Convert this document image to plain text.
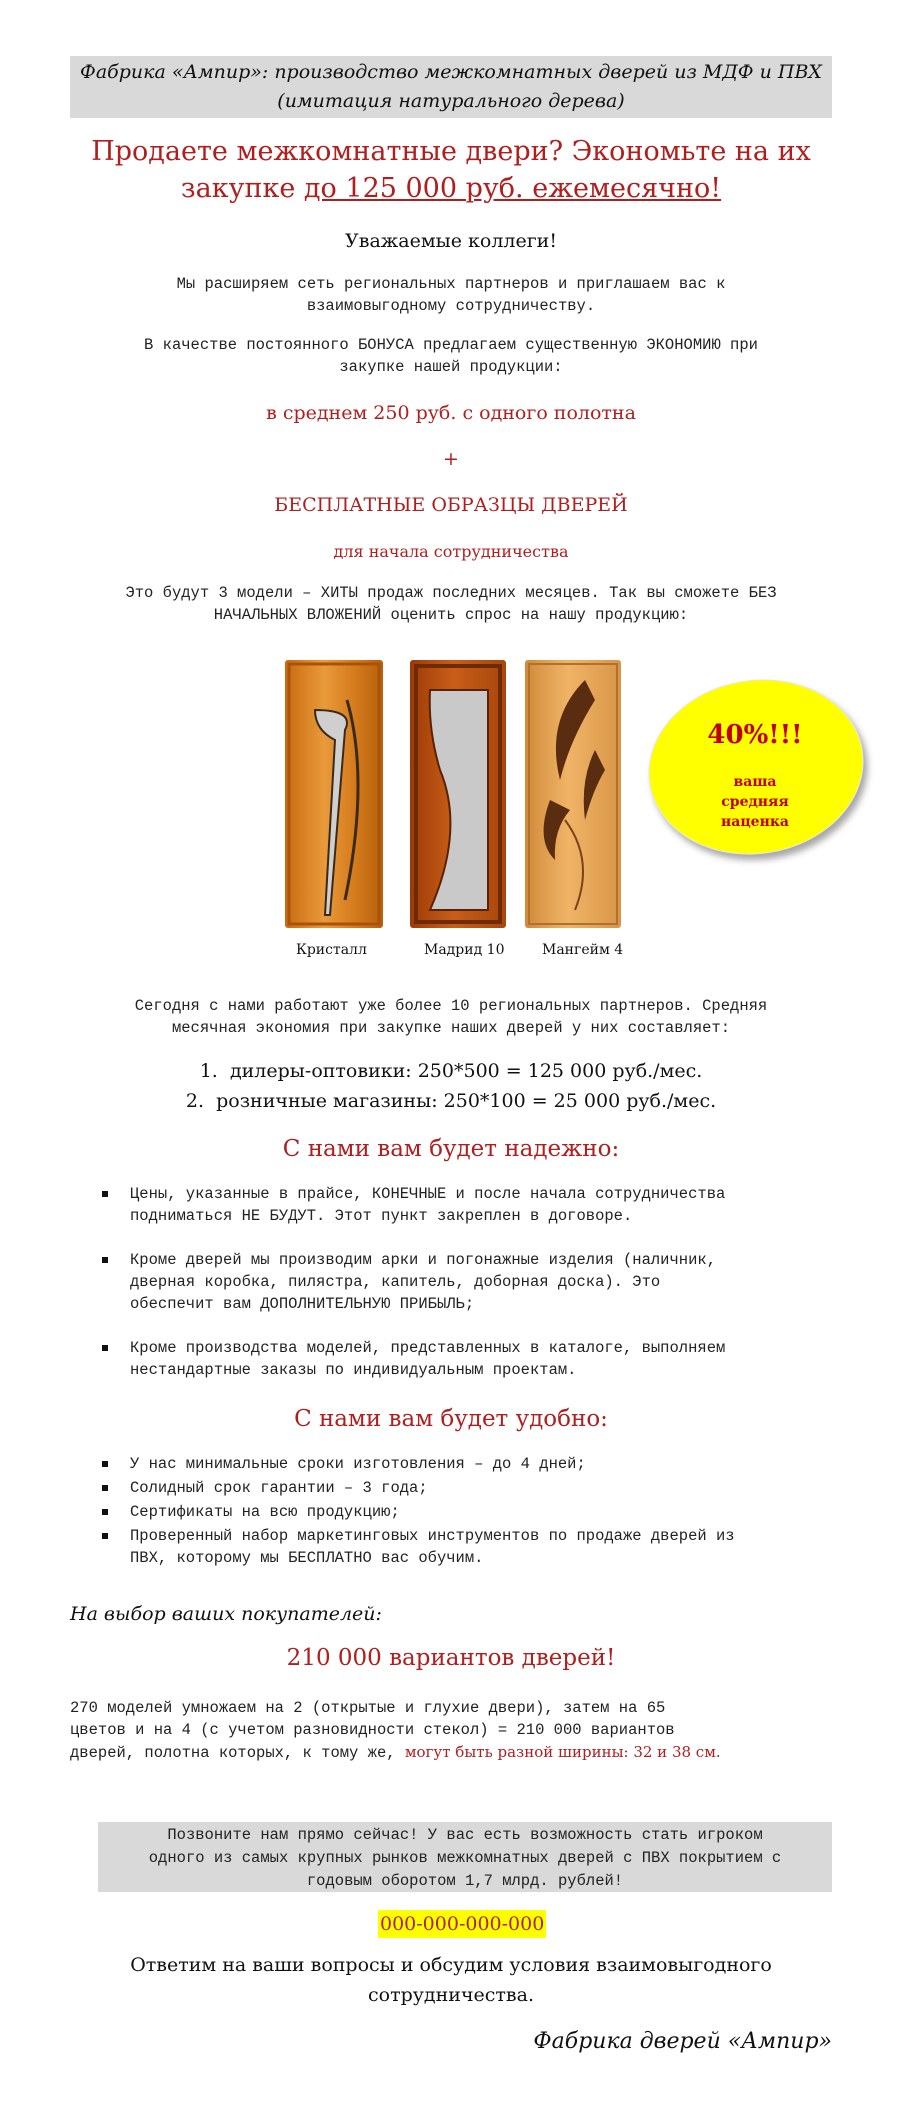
Фабрика «Ампир»: производство межкомнатных дверей из МДФ и ПВХ
(имитация натурального дерева)
Продаете межкомнатные двери? Экономьте на их
закупке до 125 000 руб. ежемесячно!
Уважаемые коллеги!
Мы расширяем сеть региональных партнеров и приглашаем вас к
взаимовыгодному сотрудничеству.
В качестве постоянного БОНУСА предлагаем существенную ЭКОНОМИЮ при
закупке нашей продукции:
в среднем 250 руб. с одного полотна
+
БЕСПЛАТНЫЕ ОБРАЗЦЫ ДВЕРЕЙ
для начала сотрудничества
Это будут 3 модели – ХИТЫ продаж последних месяцев. Так вы сможете БЕЗ
НАЧАЛЬНЫХ ВЛОЖЕНИЙ оценить спрос на нашу продукцию:
Кристалл	Мадрид 10	Мангейм 4
40%!!!
ваша средняя наценка
Сегодня с нами работают уже более 10 региональных партнеров. Средняя
месячная экономия при закупке наших дверей у них составляет:
1. дилеры-оптовики: 250*500 = 125 000 руб./мес.
2. розничные магазины: 250*100 = 25 000 руб./мес.
С нами вам будет надежно:
Цены, указанные в прайсе, КОНЕЧНЫЕ и после начала сотрудничества
подниматься НЕ БУДУТ. Этот пункт закреплен в договоре.
Кроме дверей мы производим арки и погонажные изделия (наличник,
дверная коробка, пилястра, капитель, доборная доска). Это
обеспечит вам ДОПОЛНИТЕЛЬНУЮ ПРИБЫЛЬ;
Кроме производства моделей, представленных в каталоге, выполняем
нестандартные заказы по индивидуальным проектам.
С нами вам будет удобно:
У нас минимальные сроки изготовления – до 4 дней;
Солидный срок гарантии – 3 года;
Сертификаты на всю продукцию;
Проверенный набор маркетинговых инструментов по продаже дверей из
ПВХ, которому мы БЕСПЛАТНО вас обучим.
На выбор ваших покупателей:
210 000 вариантов дверей!
270 моделей умножаем на 2 (открытые и глухие двери), затем на 65
цветов и на 4 (с учетом разновидности стекол) = 210 000 вариантов
дверей, полотна которых, к тому же, могут быть разной ширины: 32 и 38 см.
Позвоните нам прямо сейчас! У вас есть возможность стать игроком
одного из самых крупных рынков межкомнатных дверей с ПВХ покрытием с
годовым оборотом 1,7 млрд. рублей!
000-000-000-000
Ответим на ваши вопросы и обсудим условия взаимовыгодного
сотрудничества.
Фабрика дверей «Ампир»
